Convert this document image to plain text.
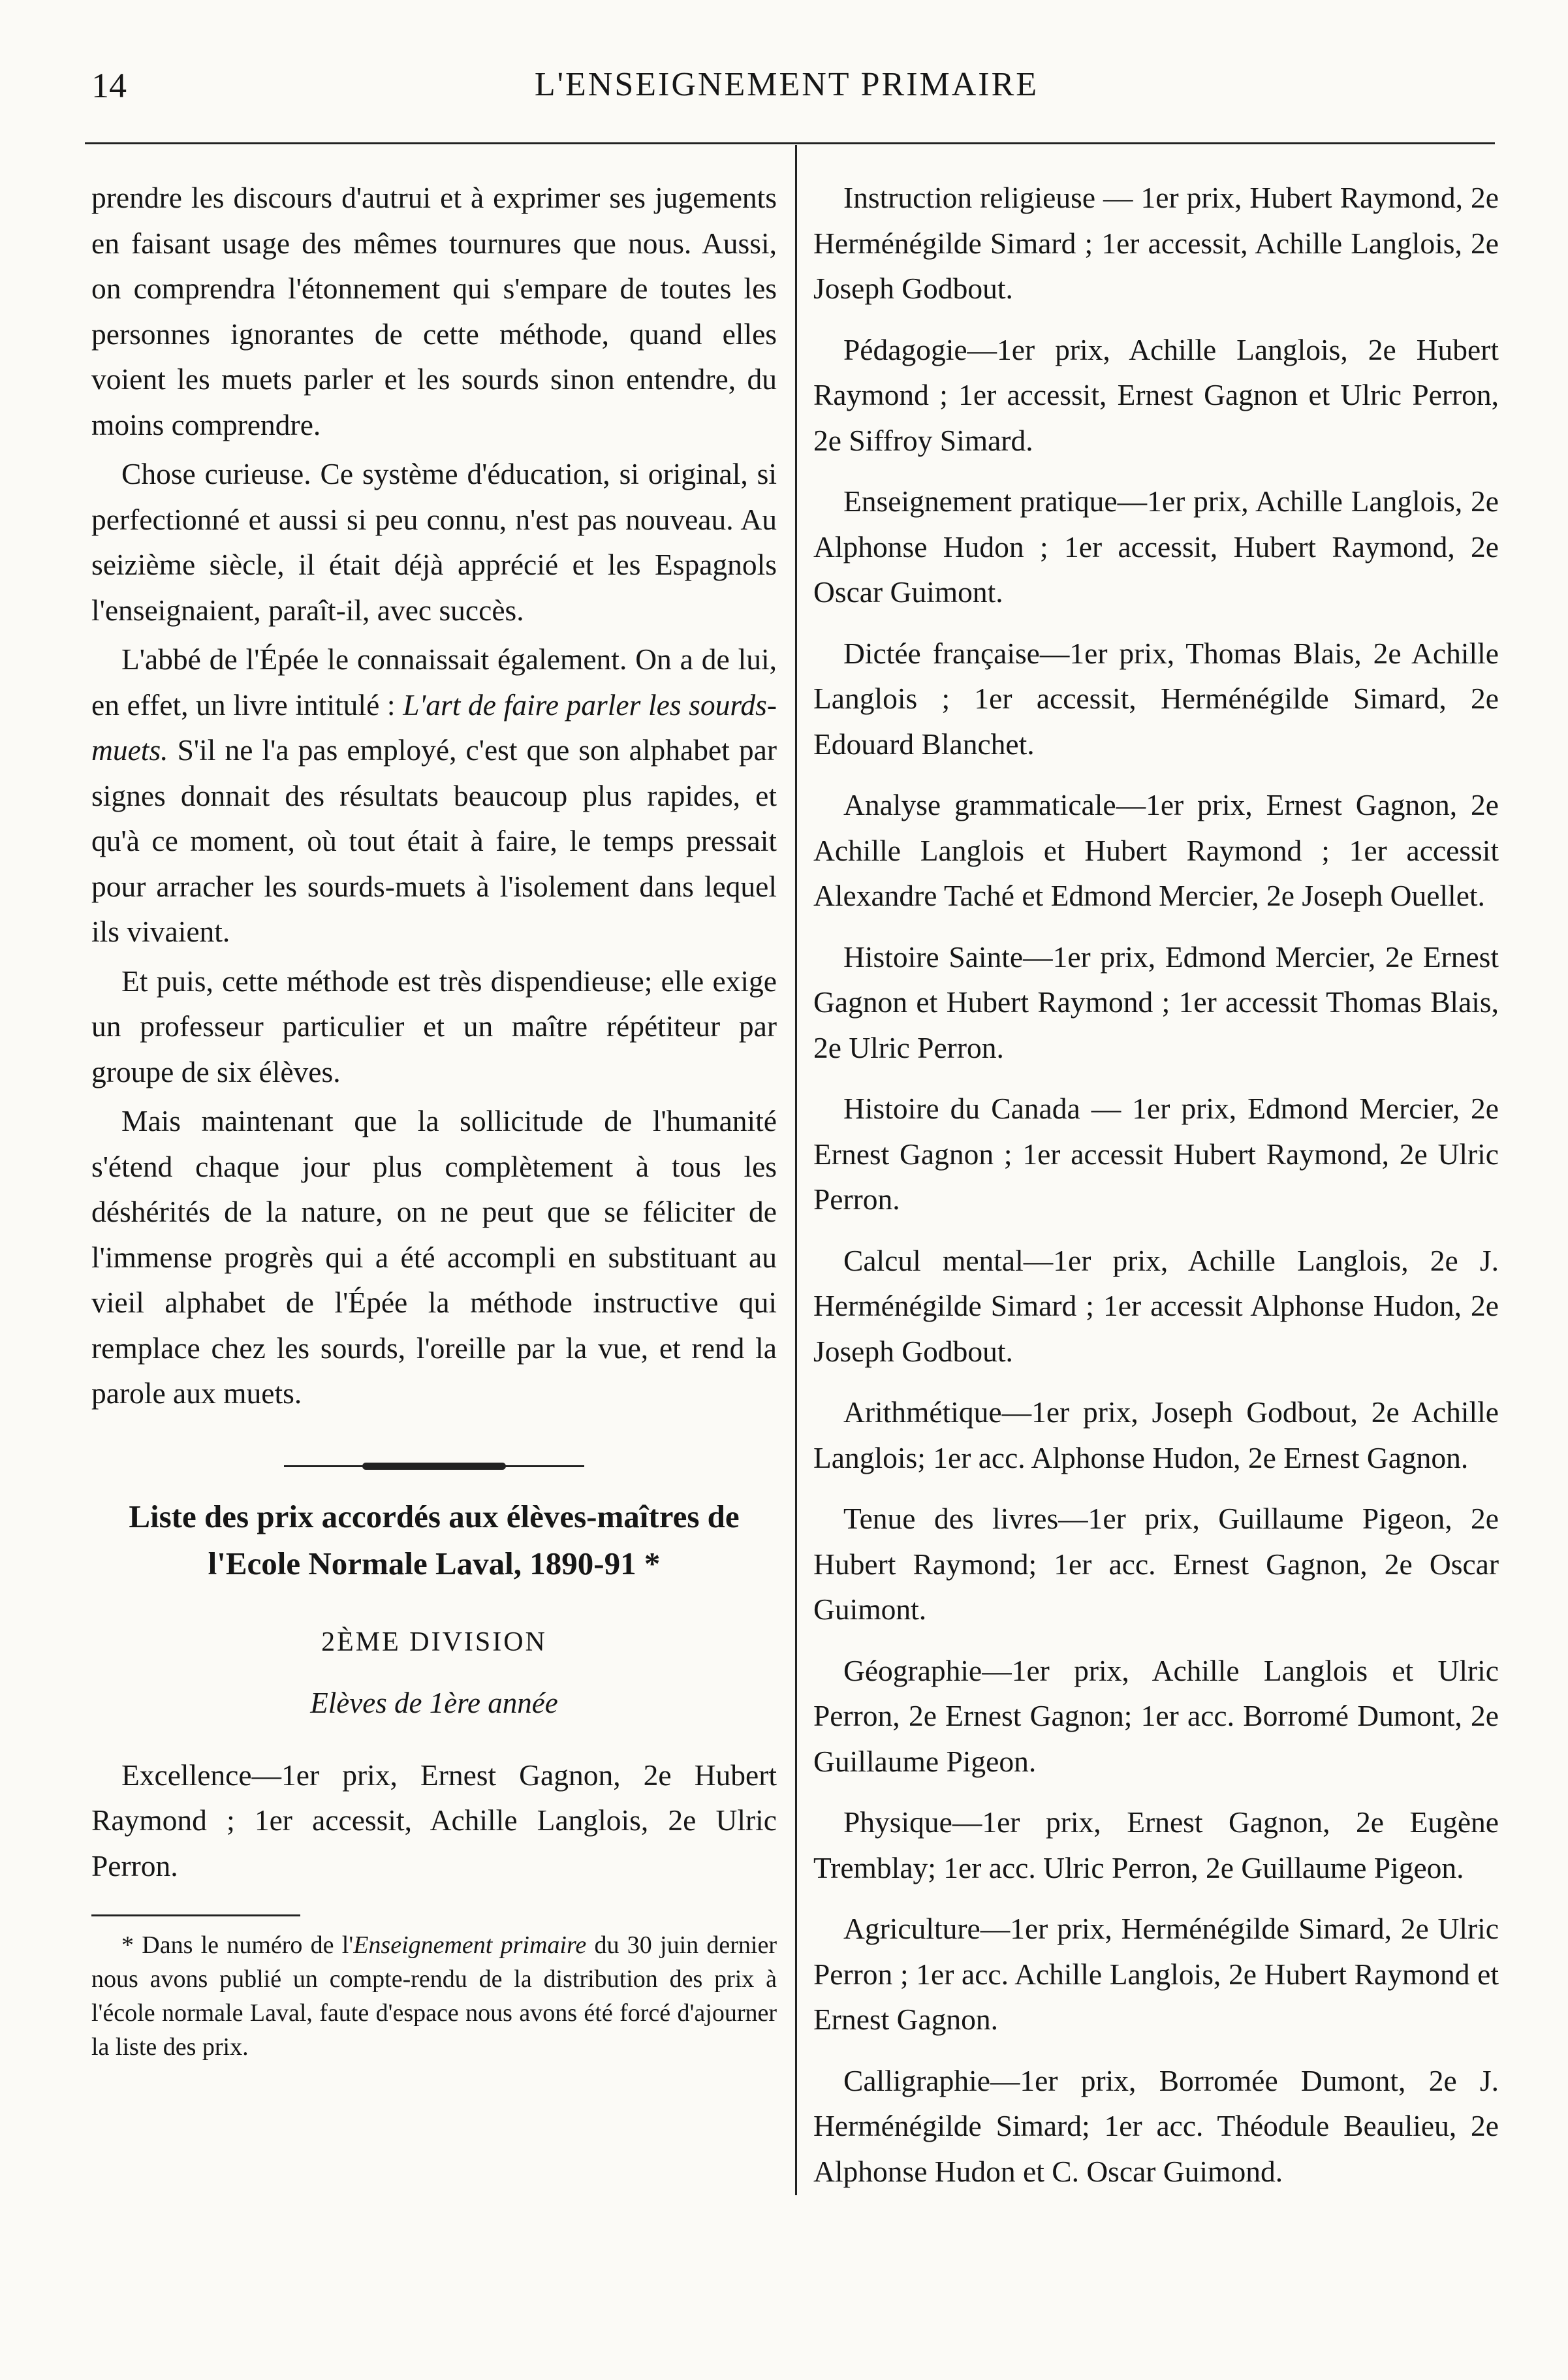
14	L'ENSEIGNEMENT PRIMAIRE

prendre les discours d'autrui et à exprimer ses jugements en faisant usage des mêmes tournures que nous. Aussi, on comprendra l'étonnement qui s'empare de toutes les personnes ignorantes de cette méthode, quand elles voient les muets parler et les sourds sinon entendre, du moins comprendre.

Chose curieuse. Ce système d'éducation, si original, si perfectionné et aussi si peu connu, n'est pas nouveau. Au seizième siècle, il était déjà apprécié et les Espagnols l'enseignaient, paraît-il, avec succès.

L'abbé de l'Épée le connaissait également. On a de lui, en effet, un livre intitulé : L'art de faire parler les sourds-muets. S'il ne l'a pas employé, c'est que son alphabet par signes donnait des résultats beaucoup plus rapides, et qu'à ce moment, où tout était à faire, le temps pressait pour arracher les sourds-muets à l'isolement dans lequel ils vivaient.

Et puis, cette méthode est très dispendieuse; elle exige un professeur particulier et un maître répétiteur par groupe de six élèves.

Mais maintenant que la sollicitude de l'humanité s'étend chaque jour plus complètement à tous les déshérités de la nature, on ne peut que se féliciter de l'immense progrès qui a été accompli en substituant au vieil alphabet de l'Épée la méthode instructive qui remplace chez les sourds, l'oreille par la vue, et rend la parole aux muets.

Liste des prix accordés aux élèves-maîtres de l'Ecole Normale Laval, 1890-91 *
2ÈME DIVISION
Elèves de 1ère année

Excellence—1er prix, Ernest Gagnon, 2e Hubert Raymond ; 1er accessit, Achille Langlois, 2e Ulric Perron.

* Dans le numéro de l'Enseignement primaire du 30 juin dernier nous avons publié un compte-rendu de la distribution des prix à l'école normale Laval, faute d'espace nous avons été forcé d'ajourner la liste des prix.

Instruction religieuse — 1er prix, Hubert Raymond, 2e Herménégilde Simard ; 1er accessit, Achille Langlois, 2e Joseph Godbout.

Pédagogie—1er prix, Achille Langlois, 2e Hubert Raymond ; 1er accessit, Ernest Gagnon et Ulric Perron, 2e Siffroy Simard.

Enseignement pratique—1er prix, Achille Langlois, 2e Alphonse Hudon ; 1er accessit, Hubert Raymond, 2e Oscar Guimont.

Dictée française—1er prix, Thomas Blais, 2e Achille Langlois ; 1er accessit, Herménégilde Simard, 2e Edouard Blanchet.

Analyse grammaticale—1er prix, Ernest Gagnon, 2e Achille Langlois et Hubert Raymond ; 1er accessit Alexandre Taché et Edmond Mercier, 2e Joseph Ouellet.

Histoire Sainte—1er prix, Edmond Mercier, 2e Ernest Gagnon et Hubert Raymond ; 1er accessit Thomas Blais, 2e Ulric Perron.

Histoire du Canada — 1er prix, Edmond Mercier, 2e Ernest Gagnon ; 1er accessit Hubert Raymond, 2e Ulric Perron.

Calcul mental—1er prix, Achille Langlois, 2e J. Herménégilde Simard ; 1er accessit Alphonse Hudon, 2e Joseph Godbout.

Arithmétique—1er prix, Joseph Godbout, 2e Achille Langlois; 1er acc. Alphonse Hudon, 2e Ernest Gagnon.

Tenue des livres—1er prix, Guillaume Pigeon, 2e Hubert Raymond; 1er acc. Ernest Gagnon, 2e Oscar Guimont.

Géographie—1er prix, Achille Langlois et Ulric Perron, 2e Ernest Gagnon; 1er acc. Borromé Dumont, 2e Guillaume Pigeon.

Physique—1er prix, Ernest Gagnon, 2e Eugène Tremblay; 1er acc. Ulric Perron, 2e Guillaume Pigeon.

Agriculture—1er prix, Herménégilde Simard, 2e Ulric Perron ; 1er acc. Achille Langlois, 2e Hubert Raymond et Ernest Gagnon.

Calligraphie—1er prix, Borromée Dumont, 2e J. Herménégilde Simard; 1er acc. Théodule Beaulieu, 2e Alphonse Hudon et C. Oscar Guimond.
